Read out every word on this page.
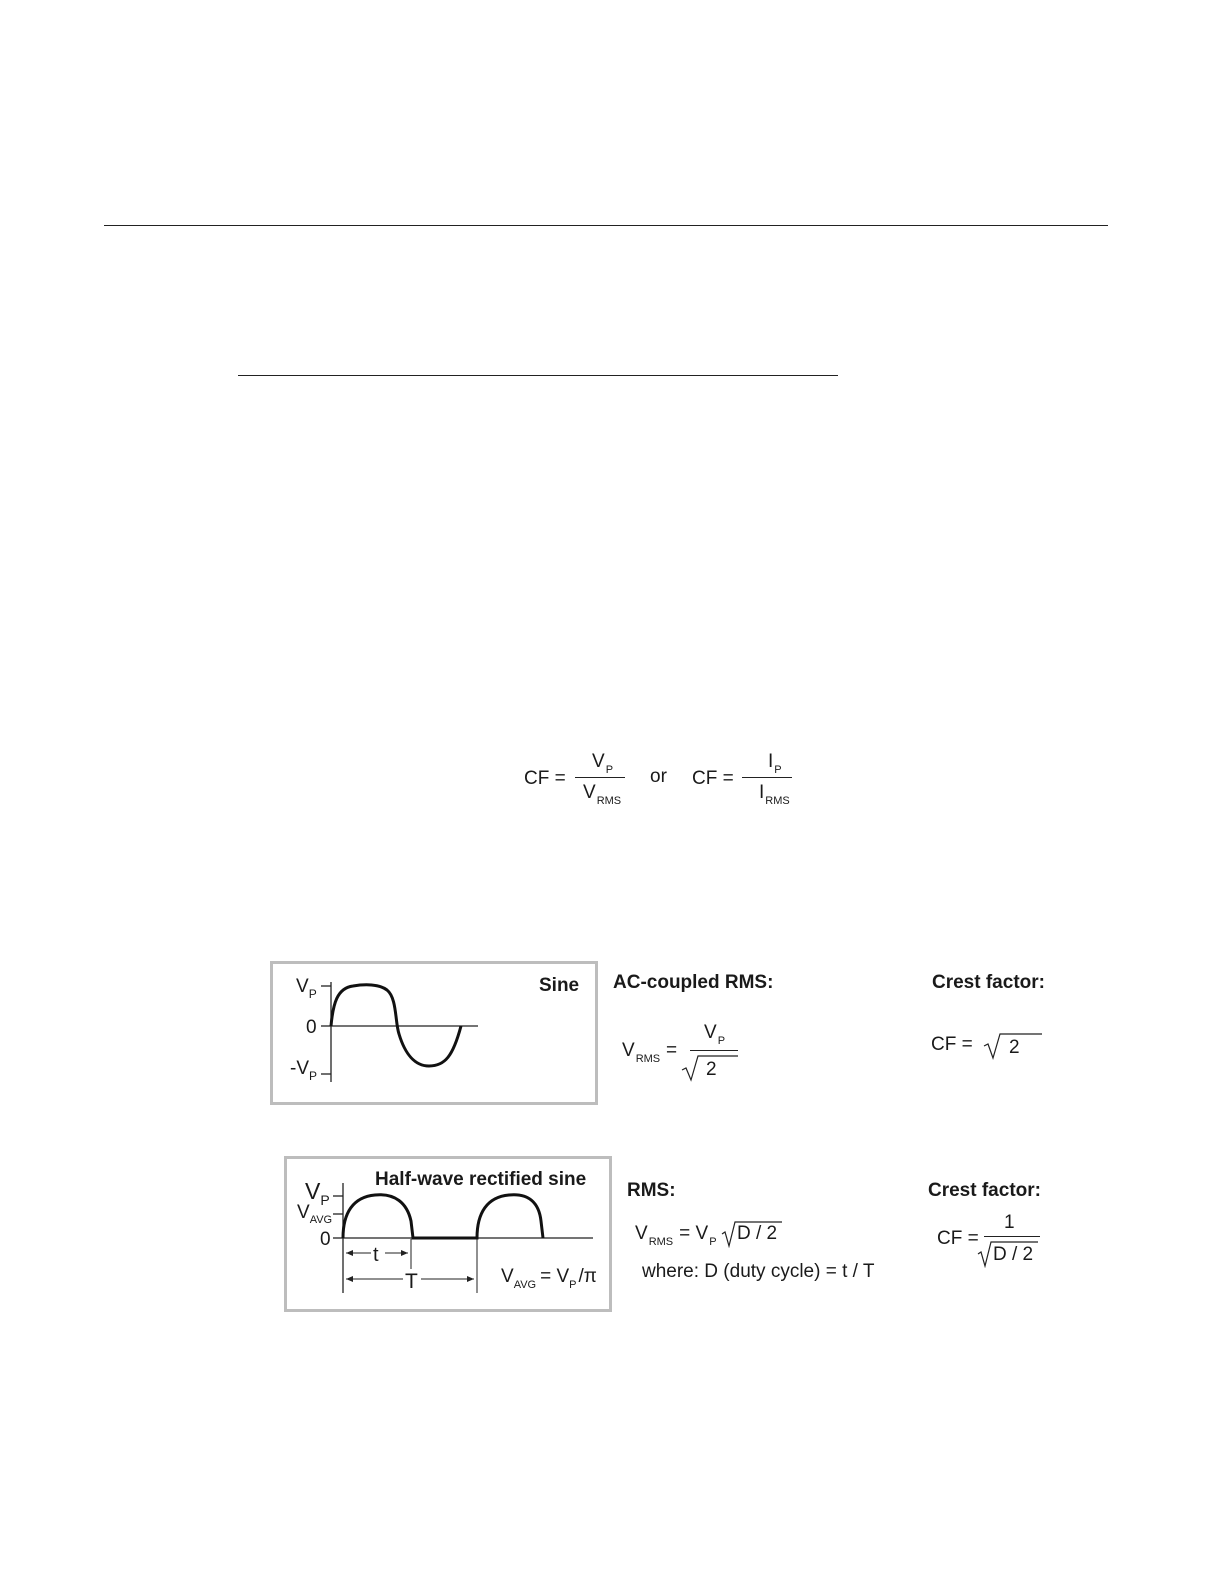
CF =
$V_P$
$V_{RMS}$
or CF =
$I_P$
$I_{RMS}$
$V_P$
0
$-V_P$
Sine AC-coupled RMS:
$V_{RMS}$ =
$V_P$
2
Crest factor:
CF = 2
Half-wave rectified sine
$V_P$
$V_{AVG}$
0
t
T	$V_{AVG} = V_P$ /π
RMS:
$V_{RMS} = V_P$ D / 2
where: D (duty cycle) = t / T
Crest factor:
CF =
1
D / 2
